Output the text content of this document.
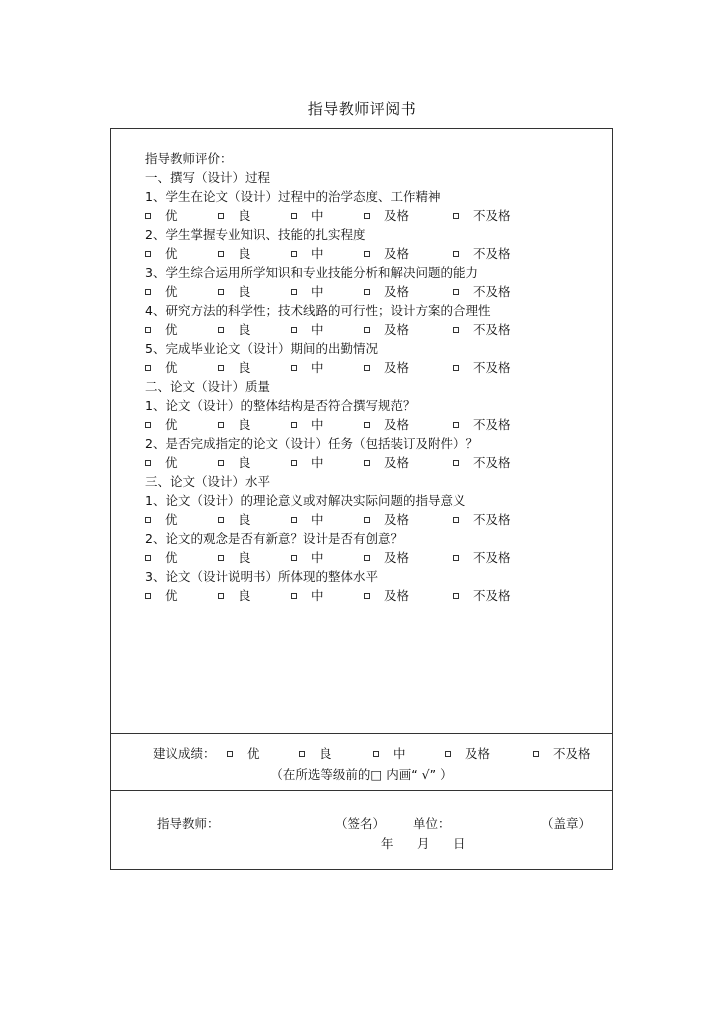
指导教师评阅书
指导教师评价：
一、撰写（设计）过程
1、学生在论文（设计）过程中的治学态度、工作精神
优	良	中	及格	不及格
2、学生掌握专业知识、技能的扎实程度
优	良	中	及格	不及格
3、学生综合运用所学知识和专业技能分析和解决问题的能力
优	良	中	及格	不及格
4、研究方法的科学性；技术线路的可行性；设计方案的合理性
优	良	中	及格	不及格
5、完成毕业论文（设计）期间的出勤情况
优	良	中	及格	不及格
二、论文（设计）质量
1、论文（设计）的整体结构是否符合撰写规范？
优	良	中	及格	不及格
2、是否完成指定的论文（设计）任务（包括装订及附件）？
优	良	中	及格	不及格
三、论文（设计）水平
1、论文（设计）的理论意义或对解决实际问题的指导意义
优	良	中	及格	不及格
2、论文的观念是否有新意？设计是否有创意？
优	良	中	及格	不及格
3、论文（设计说明书）所体现的整体水平
优	良	中	及格	不及格
建议成绩：	优	良	中	及格	不及格
（在所选等级前的□ 内画“ √” ）
指导教师：	（签名） 单位：	（盖章）
年 月 日
